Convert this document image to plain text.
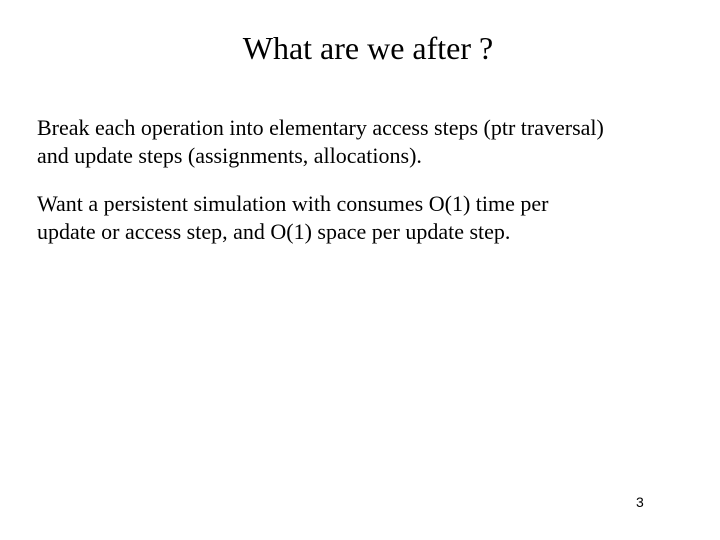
What are we after ?

Break each operation into elementary access steps (ptr traversal)
and update steps (assignments, allocations).

Want a persistent simulation with consumes O(1) time per
update or access step, and O(1) space per update step.

3
